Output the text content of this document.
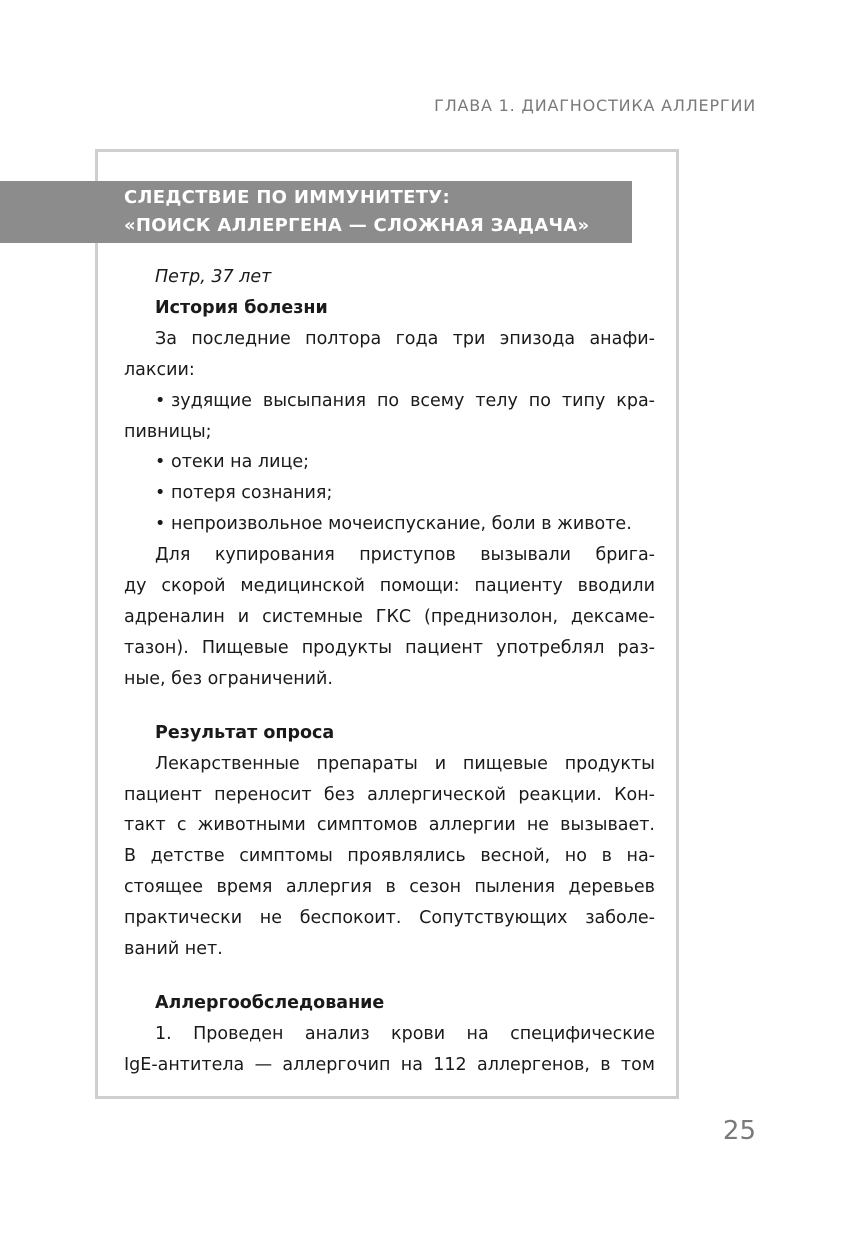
ГЛАВА 1. ДИАГНОСТИКА АЛЛЕРГИИ
СЛЕДСТВИЕ ПО ИММУНИТЕТУ:
«ПОИСК АЛЛЕРГЕНА — СЛОЖНАЯ ЗАДАЧА»

Петр, 37 лет

История болезни

За последние полтора года три эпизода анафи-

лаксии:

• зудящие высыпания по всему телу по типу кра-

пивницы;

• отеки на лице;

• потеря сознания;

• непроизвольное мочеиспускание, боли в животе.

Для купирования приступов вызывали брига-

ду скорой медицинской помощи: пациенту вводили

адреналин и системные ГКС (преднизолон, дексаме-

тазон). Пищевые продукты пациент употреблял раз-

ные, без ограничений.

Результат опроса

Лекарственные препараты и пищевые продукты

пациент переносит без аллергической реакции. Кон-

такт с животными симптомов аллергии не вызывает.

В детстве симптомы проявлялись весной, но в на-

стоящее время аллергия в сезон пыления деревьев

практически не беспокоит. Сопутствующих заболе-

ваний нет.

Аллергообследование

1. Проведен анализ крови на специфические

IgE-антитела — аллергочип на 112 аллергенов, в том

25
